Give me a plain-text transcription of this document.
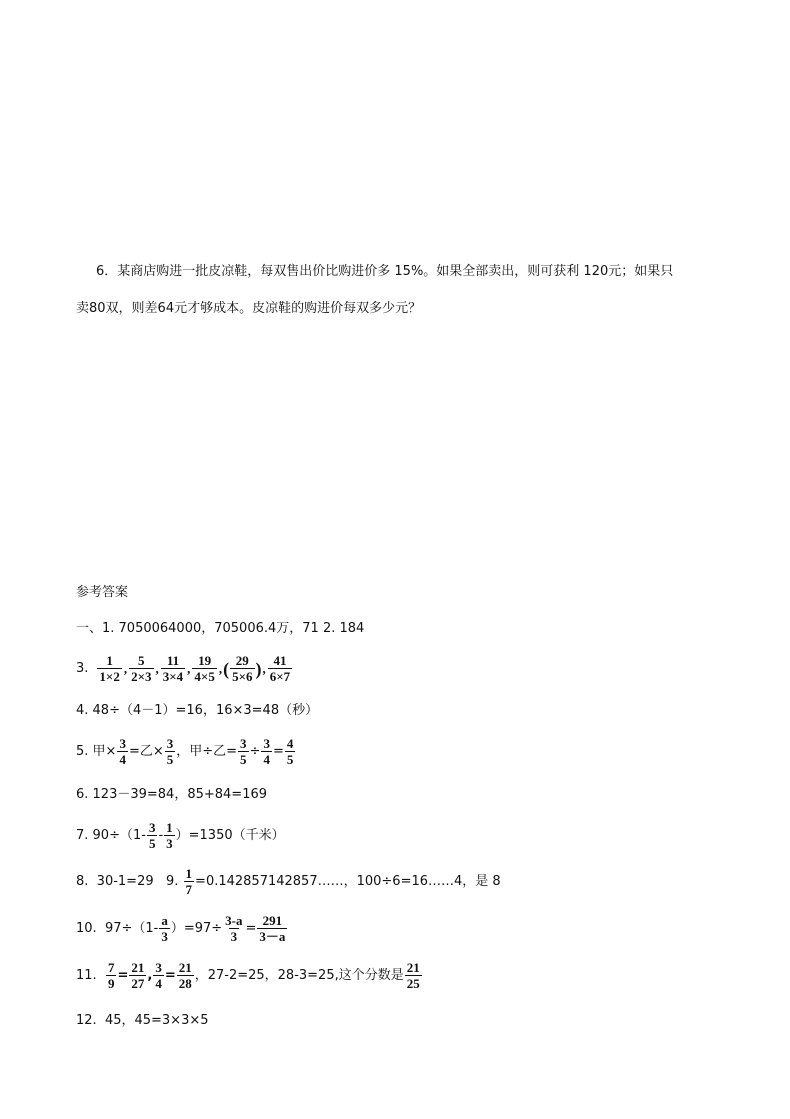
6．某商店购进一批皮凉鞋，每双售出价比购进价多 15%。如果全部卖出，则可获利 120元；如果只
卖80双，则差64元才够成本。皮凉鞋的购进价每双多少元？
参考答案
一、1. 7050064000，705006.4万，71 2. 184
3. $\frac{1}{1\times 2}$ , $\frac{5}{2\times 3}$ , $\frac{11}{3\times 4}$ , $\frac{19}{4\times 5}$ , ( $\frac{29}{5\times 6}$ ) , $\frac{41}{6\times 7}$
4. 48÷（4－1）=16，16×3=48（秒）
5. 甲× $\frac{3}{4}$ =乙× $\frac{3}{5}$ ，甲÷乙= $\frac{3}{5} \div \frac{3}{4} = \frac{4}{5}$
6. 123－39=84，85+84=169
7. $90\div(1- \frac{3}{5} - \frac{1}{3} )=1350$（千米）
8.  30-1=29   9. $\frac{1}{7}$ =0.142857142857……，100÷6=16……4，是 8
10.  $97\div(1- \frac{a}{3} )=97\div \frac{3-a}{3} = \frac{291}{3-a}$
11. $\frac{7}{9} = \frac{21}{27}$ , $\frac{3}{4} = \frac{21}{28}$ ，27-2=25，28-3=25,这个分数是 $\frac{21}{25}$
12.  45，45=3×3×5
